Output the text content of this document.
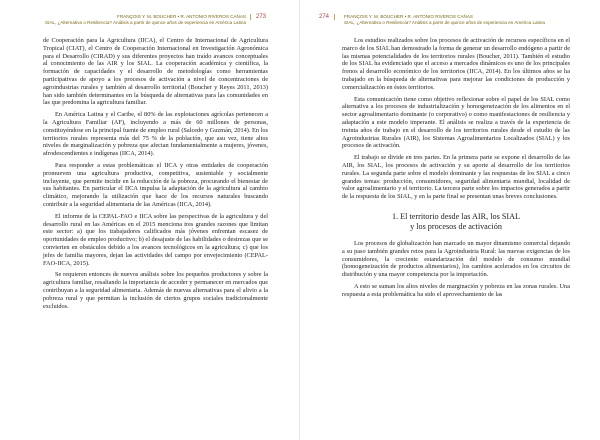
FRANÇOIS Y. M. BOUCHER • R. ANTONIO RIVEROS CAÑAS
SIAL, ¿Alternativa o Resiliencia? Análisis a partir de quince años de experiencia en América Latina
273

de Cooperación para la Agricultura (IICA), el Centro de Internacional de Agricultura Tropical (CIAT), el Centro de Cooperación Internacional en Investigación Agronómica para el Desarrollo (CIRAD) y sus diferentes proyectos han traído avances conceptuales al conocimiento de las AIR y los SIAL. La cooperación académica y científica, la formación de capacidades y el desarrollo de metodologías como herramientas participativas de apoyo a los procesos de activación a nivel de concentraciones de agroindustrias rurales y también al desarrollo territorial (Boucher y Reyes 2011, 2013) han sido también determinantes en la búsqueda de alternativas para las comunidades en las que predomina la agricultura familiar.

En América Latina y el Caribe, el 80% de las explotaciones agrícolas pertenecen a la Agricultura Familiar (AF), incluyendo a más de 60 millones de personas, constituyéndose en la principal fuente de empleo rural (Salcedo y Guzmán, 2014). En los territorios rurales representa más del 75 % de la población, que asu vez, tiene altos niveles de marginalización y pobreza que afectan fundamentalmente a mujeres, jóvenes, afrodescendientes e indígenas (IICA, 2014).

Para responder a estas problemáticas el IICA y otras entidades de cooperación promueven una agricultura productiva, competitiva, sustentable y socialmente incluyente, que permite incidir en la reducción de la pobreza, procurando el bienestar de sus habitantes. En particular el IICA impulsa la adaptación de la agricultura al cambio climático, mejorando la utilización que hace de los recursos naturales buscando contribuir a la seguridad alimentaria de las Américas (IICA, 2014).

El informe de la CEPAL-FAO e IICA sobre las perspectivas de la agricultura y del desarrollo rural en las Américas en el 2015 menciona tres grandes razones que limitan este sector: a) que los trabajadores calificados más jóvenes enfrentan escasez de oportunidades de empleo productivo; b) el desajuste de las habilidades o destrezas que se convierten en obstáculos debido a los avances tecnológicos en la agricultura; c) que los jefes de familia mayores, dejan las actividades del campo por envejecimiento (CEPAL-FAO-IICA, 2015).

Se requieren entonces de nuevos análisis sobre los pequeños productores y sobre la agricultura familiar, resaltando la importancia de acceder y permanecer en mercados que contribuyan a la seguridad alimentaria. Además de nuevas alternativas para el alivio a la pobreza rural y que permitan la inclusión de ciertos grupos sociales tradicionalmente excluidos.

274	FRANÇOIS Y. M. BOUCHER • R. ANTONIO RIVEROS CAÑAS
SIAL, ¿Alternativa o Resiliencia? Análisis a partir de quince años de experiencia en América Latina

Los estudios realizados sobre los procesos de activación de recursos específicos en el marco de los SIAL han demostrado la forma de generar un desarrollo endógeno a partir de las mismas potencialidades de los territorios rurales (Boucher, 2011). También el estudio de los SIAL ha evidenciado que el acceso a mercados dinámicos es uno de los principales frenos al desarrollo económico de los territorios (IICA, 2014). En los últimos años se ha trabajado en la búsqueda de alternativas para mejorar las condiciones de producción y comercialización en éstos territorios.

Esta comunicación tiene como objetivo reflexionar sobre el papel de los SIAL como alternativa a los procesos de industrialización y homogeneización de los alimentos en el sector agroalimentario dominante (o corporativo) o como manifestaciones de resiliencia y adaptación a este modelo imperante. El análisis se realiza a través de la experiencia de treinta años de trabajo en el desarrollo de los territorios rurales desde el estudio de las Agroindustrias Rurales (AIR), los Sistemas Agroalimentarios Localizados (SIAL) y los procesos de activación.

El trabajo se divide en tres partes. En la primera parte se expone el desarrollo de las AIR, los SIAL, los procesos de activación y su aporte al desarrollo de los territorios rurales. La segunda parte sobre el modelo dominante y las respuestas de los SIAL a cinco grandes temas: producción, consumidores, seguridad alimentaria mundial, localidad de valor agroalimentario y el territorio. La tercera parte sobre los impactos generados a partir de la respuesta de los SIAL, y en la parte final se presentan unas breves conclusiones.

1. El territorio desde las AIR, los SIAL
y los procesos de activación

Los procesos de globalización han marcado un mayor dinamismo comercial dejando a su paso también grandes retos para la Agroindustria Rural: las nuevas exigencias de los consumidores, la creciente estandarización del modelo de consumo mundial (homogeneización de productos alimentarios), los cambios acelerados en los circuitos de distribución y una mayor competencia por la importación.

A esto se suman los altos niveles de marginación y pobreza en las zonas rurales. Una respuesta a esta problemática ha sido el aprovechamiento de las
